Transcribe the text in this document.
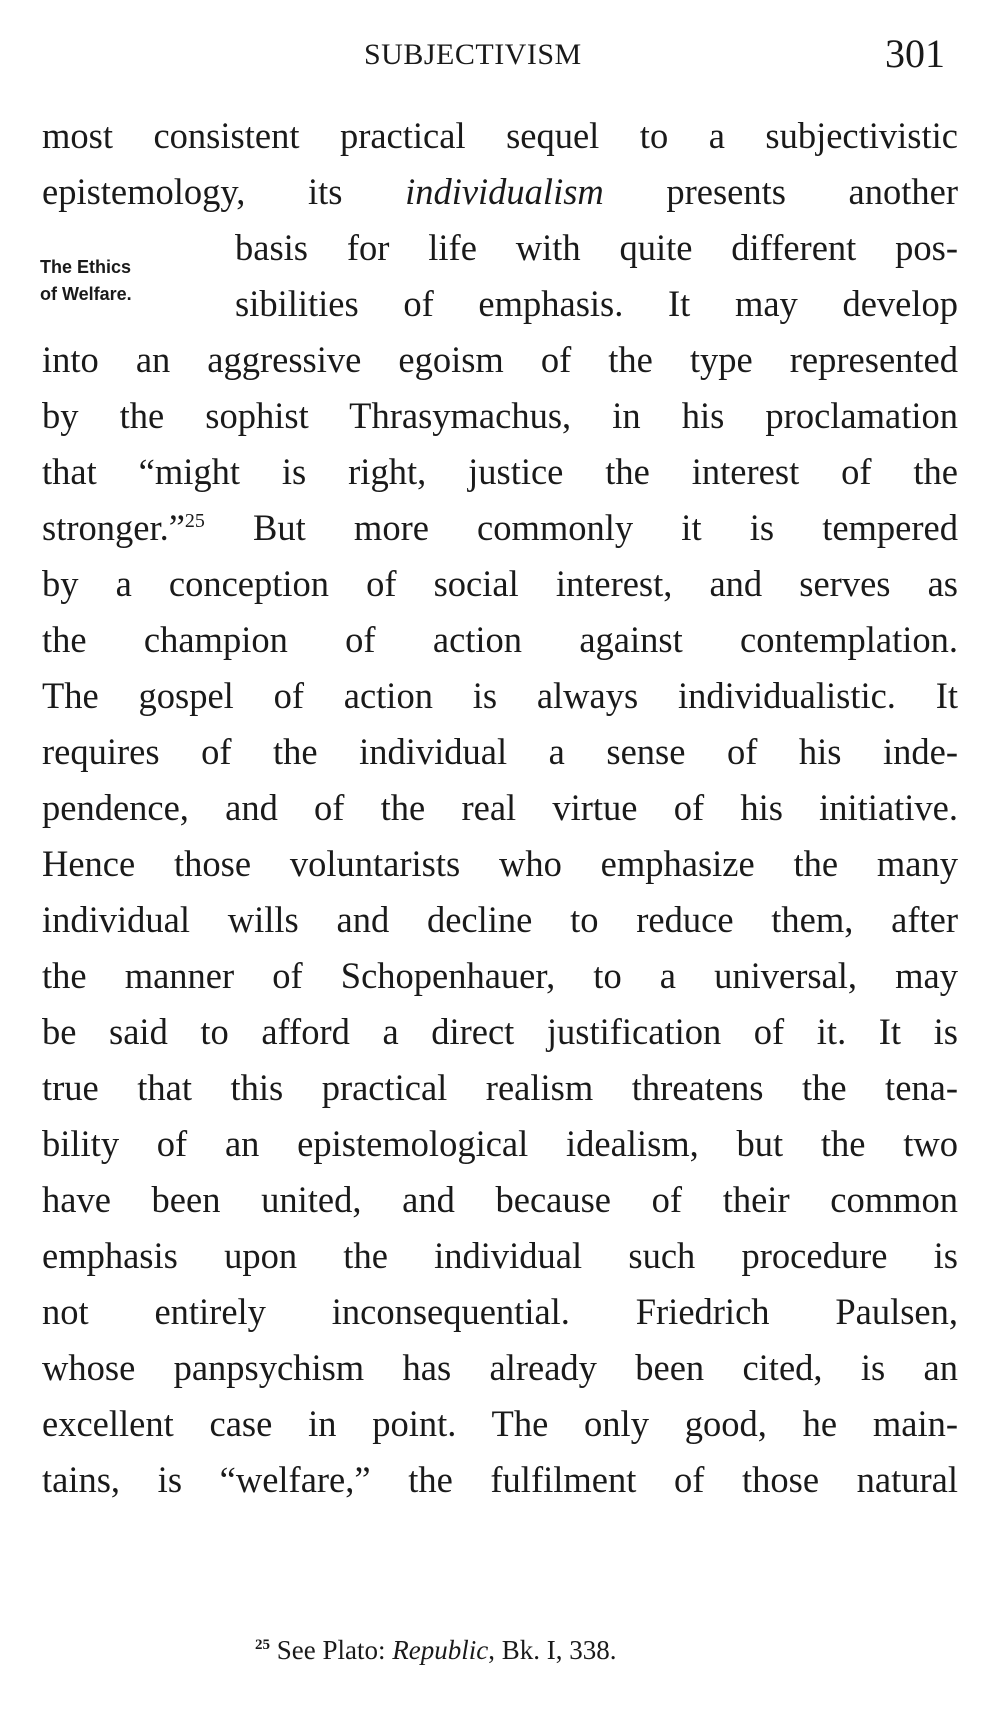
SUBJECTIVISM	301
The Ethics
of Welfare.
most consistent practical sequel to a subjectivistic
epistemology, its individualism presents another
basis for life with quite different pos-
sibilities of emphasis. It may develop
into an aggressive egoism of the type represented
by the sophist Thrasymachus, in his proclamation
that “might is right, justice the interest of the
stronger.”$^{25}$ But more commonly it is tempered
by a conception of social interest, and serves as
the champion of action against contemplation.
The gospel of action is always individualistic. It
requires of the individual a sense of his inde-
pendence, and of the real virtue of his initiative.
Hence those voluntarists who emphasize the many
individual wills and decline to reduce them, after
the manner of Schopenhauer, to a universal, may
be said to afford a direct justification of it. It is
true that this practical realism threatens the tena-
bility of an epistemological idealism, but the two
have been united, and because of their common
emphasis upon the individual such procedure is
not entirely inconsequential. Friedrich Paulsen,
whose panpsychism has already been cited, is an
excellent case in point. The only good, he main-
tains, is “welfare,” the fulfilment of those natural
$^{25}$ See Plato: Republic, Bk. I, 338.
